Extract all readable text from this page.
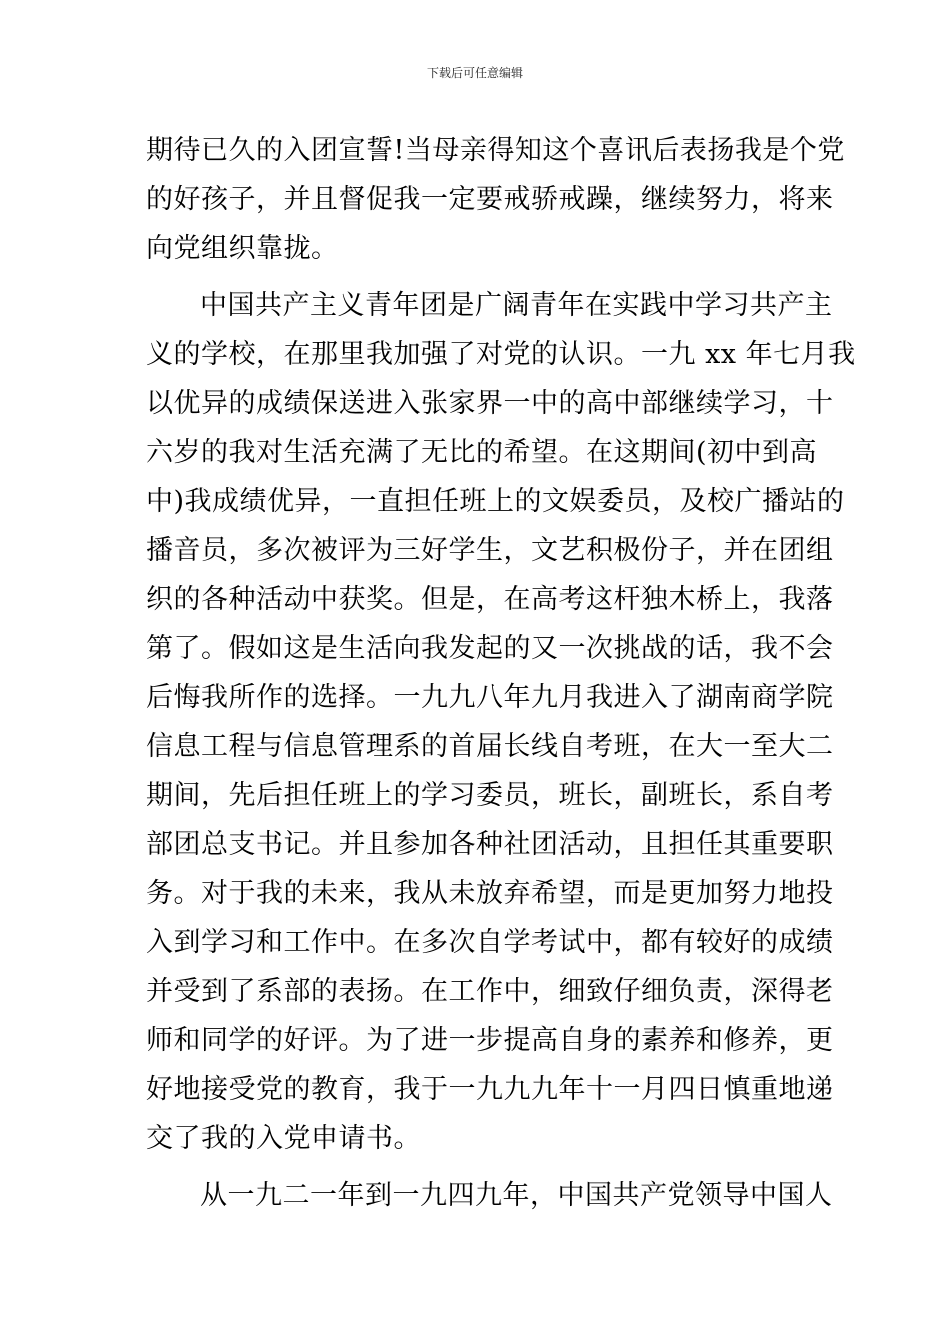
下载后可任意编辑
期待已久的入团宣誓!当母亲得知这个喜讯后表扬我是个党
的好孩子，并且督促我一定要戒骄戒躁，继续努力，将来
向党组织靠拢。
中国共产主义青年团是广阔青年在实践中学习共产主
义的学校，在那里我加强了对党的认识。一九 xx 年七月我
以优异的成绩保送进入张家界一中的高中部继续学习，十
六岁的我对生活充满了无比的希望。在这期间(初中到高
中)我成绩优异，一直担任班上的文娱委员，及校广播站的
播音员，多次被评为三好学生，文艺积极份子，并在团组
织的各种活动中获奖。但是，在高考这杆独木桥上，我落
第了。假如这是生活向我发起的又一次挑战的话，我不会
后悔我所作的选择。一九九八年九月我进入了湖南商学院
信息工程与信息管理系的首届长线自考班，在大一至大二
期间，先后担任班上的学习委员，班长，副班长，系自考
部团总支书记。并且参加各种社团活动，且担任其重要职
务。对于我的未来，我从未放弃希望，而是更加努力地投
入到学习和工作中。在多次自学考试中，都有较好的成绩
并受到了系部的表扬。在工作中，细致仔细负责，深得老
师和同学的好评。为了进一步提高自身的素养和修养，更
好地接受党的教育，我于一九九九年十一月四日慎重地递
交了我的入党申请书。
从一九二一年到一九四九年，中国共产党领导中国人
